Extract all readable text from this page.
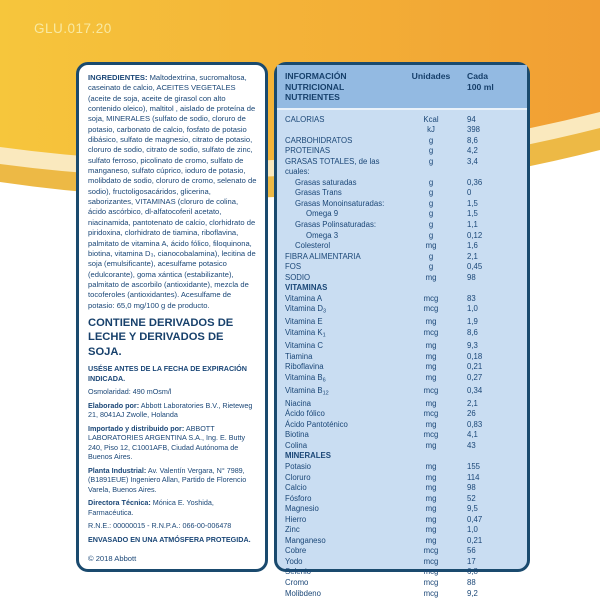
GLU.017.20
INGREDIENTES: Maltodextrina, sucromaltosa, caseinato de calcio, ACEITES VEGETALES (aceite de soja, aceite de girasol con alto contenido oleico), maltitol , aislado de proteína de soja, MINERALES (sulfato de sodio, cloruro de potasio, carbonato de calcio, fosfato de potasio dibásico, sulfato de magnesio, citrato de potasio, cloruro de sodio, citrato de sodio, sulfato de zinc, sulfato ferroso, picolinato de cromo, sulfato de manganeso, sulfato cúprico, ioduro de potasio, molibdato de sodio, cloruro de cromo, selenato de sodio), fructoligosacáridos, glicerina, saborizantes, VITAMINAS (cloruro de colina, ácido ascórbico, dl-alfatocoferil acetato, niacinamida, pantotenato de calcio, clorhidrato de piridoxina, clorhidrato de tiamina, riboflavina, palmitato de vitamina A, ácido fólico, filoquinona, biotina, vitamina D₃, cianocobalamina), lecitina de soja (emulsificante), acesulfame potasico (edulcorante), goma xántica (estabilizante), palmitato de ascorbilo (antioxidante), mezcla de tocoferoles (antioxidantes). Acesulfame de potasio: 65,0 mg/100 g de producto.
CONTIENE DERIVADOS DE LECHE Y DERIVADOS DE SOJA.
USÉSE ANTES DE LA FECHA DE EXPIRACIÓN INDICADA.
Osmolaridad: 490 mOsm/l
Elaborado por: Abbott Laboratories B.V., Rieteweg 21, 8041AJ Zwolle, Holanda
Importado y distribuido por: ABBOTT LABORATORIES ARGENTINA S.A., Ing. E. Butty 240, Piso 12, C1001AFB, Ciudad Autónoma de Buenos Aires.
Planta Industrial: Av. Valentín Vergara, N° 7989, (B1891EUE) Ingeniero Allan, Partido de Florencio Varela, Buenos Aires.
Directora Técnica: Mónica E. Yoshida, Farmacéutica.
R.N.E.: 00000015 - R.N.P.A.: 066-00-006478
ENVASADO EN UNA ATMÓSFERA PROTEGIDA.
© 2018 Abbott
INFORMACIÓN NUTRICIONAL
NUTRIENTES
Unidades	Cada
100 ml
CALORIAS	Kcal	94
kJ	398
CARBOHIDRATOS	g	8,6
PROTEINAS	g	4,2
GRASAS TOTALES, de las cuales:
g	3,4
Grasas saturadas	g	0,36
Grasas Trans	g	0
Grasas Monoinsaturadas:	g	1,5
Omega 9	g	1,5
Grasas Polinsaturadas:	g	1,1
Omega 3	g	0,12
Colesterol	mg	1,6
FIBRA ALIMENTARIA	g	2,1
FOS	g	0,45
SODIO	mg	98
VITAMINAS
Vitamina A	mcg	83
Vitamina $D_3$	mcg	1,0
Vitamina E	mg	1,9
Vitamina $K_1$	mcg	8,6
Vitamina C	mg	9,3
Tiamina	mg	0,18
Riboflavina	mg	0,21
Vitamina $B_6$	mg	0,27
Vitamina $B_{12}$	mcg	0,34
Niacina	mg	2,1
Ácido fólico	mcg	26
Ácido Pantoténico	mg	0,83
Biotina	mcg	4,1
Colina	mg	43
MINERALES
Potasio	mg	155
Cloruro	mg	114
Calcio	mg	98
Fósforo	mg	52
Magnesio	mg	9,5
Hierro	mg	0,47
Zinc	mg	1,0
Manganeso	mg	0,21
Cobre	mcg	56
Yodo	mcg	17
Selenio	mcg	6,8
Cromo	mcg	88
Molibdeno	mcg	9,2
